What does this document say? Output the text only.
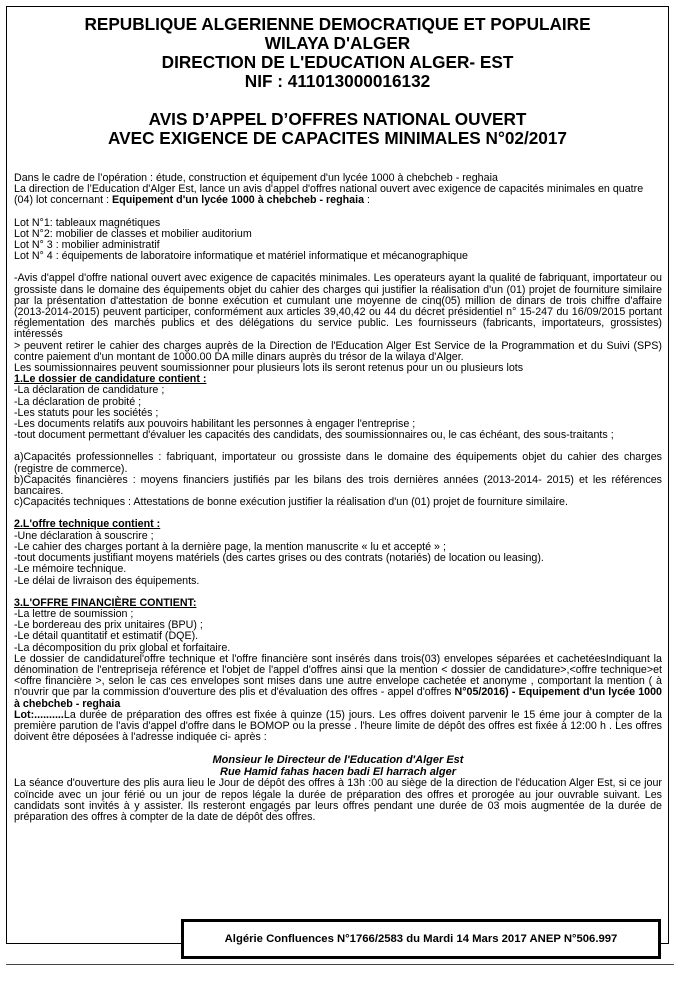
REPUBLIQUE ALGERIENNE DEMOCRATIQUE ET POPULAIRE
WILAYA D'ALGER
DIRECTION DE L'EDUCATION ALGER- EST
NIF : 411013000016132
AVIS D’APPEL D’OFFRES NATIONAL OUVERT
AVEC EXIGENCE DE CAPACITES MINIMALES N°02/2017

Dans le cadre de l’opération : étude, construction et équipement d'un lycée 1000 à chebcheb - reghaia

La direction de l’Education d'Alger Est, lance un avis d'appel d'offres national ouvert avec exigence de capacités minimales en quatre (04) lot concernant : Equipement d'un lycée 1000 à chebcheb - reghaia :

Lot N°1: tableaux magnétiques

Lot N°2: mobilier de classes et mobilier auditorium

Lot N° 3 : mobilier administratif

Lot N° 4 : équipements de laboratoire informatique et matériel informatique et mécanographique

-Avis d'appel d'offre national ouvert avec exigence de capacités minimales. Les operateurs ayant la qualité de fabriquant, importateur ou grossiste dans le domaine des équipements objet du cahier des charges qui justifier la réalisation d'un (01) projet de fourniture similaire par la présentation d'attestation de bonne exécution et cumulant une moyenne de cinq(05) million de dinars de trois chiffre d'affaire (2013-2014-2015) peuvent participer, conformément aux articles 39,40,42 ou 44 du décret présidentiel n° 15-247 du 16/09/2015 portant réglementation des marchés publics et des délégations du service public. Les fournisseurs (fabricants, importateurs, grossistes) intéressés

> peuvent retirer le cahier des charges auprès de la Direction de l'Education Alger Est Service de la Programmation et du Suivi (SPS) contre paiement d'un montant de 1000.00 DA mille dinars auprès du trésor de la wilaya d'Alger.

Les soumissionnaires peuvent soumissionner pour plusieurs lots ils seront retenus pour un ou plusieurs lots

1.Le dossier de candidature contient :

-La déclaration de candidature ;

-La déclaration de probité ;

-Les statuts pour les sociétés ;

-Les documents relatifs aux pouvoirs habilitant les personnes à engager l'entreprise ;

-tout document permettant d'évaluer les capacités des candidats, des soumissionnaires ou, le cas échéant, des sous-traitants ;

a)Capacités professionnelles : fabriquant, importateur ou grossiste dans le domaine des équipements objet du cahier des charges (registre de commerce).

b)Capacités financières : moyens financiers justifiés par les bilans des trois dernières années (2013-2014- 2015) et les références bancaires.

c)Capacités techniques : Attestations de bonne exécution justifier la réalisation d'un (01) projet de fourniture similaire.

2.L'offre technique contient :

-Une déclaration à souscrire ;

-Le cahier des charges portant à la dernière page, la mention manuscrite « lu et accepté » ;

-tout documents justifiant moyens matériels (des cartes grises ou des contrats (notariés) de location ou leasing).

-Le mémoire technique.

-Le délai de livraison des équipements.

3.L'OFFRE FINANCIÈRE CONTIENT:

-La lettre de soumission ;

-Le bordereau des prix unitaires (BPU) ;

-Le détail quantitatif et estimatif (DQE).

-La décomposition du prix global et forfaitaire.

Le dossier de candidaturel'offre technique et l'offre financière sont insérés dans trois(03) envelopes séparées et cachetéesIndiquant la dénomination de l'entrepriseja référence et l'objet de l'appel d'offres ainsi que la mention < dossier de candidature>,<offre technique>et <offre financière >, selon le cas ces envelopes sont mises dans une autre envelope cachetée et anonyme , comportant la mention ( à n'ouvrir que par la commission d'ouverture des plis et d'évaluation des offres - appel d'offres N°05/2016) - Equipement d'un lycée 1000 à chebcheb - reghaia

Lot:..........La durée de préparation des offres est fixée à quinze (15) jours. Les offres doivent parvenir le 15 éme jour à compter de la première parution de l'avis d'appel d'offre dans le BOMOP ou la presse . l'heure limite de dépôt des offres est fixée à 12:00 h . Les offres doivent être déposées à l'adresse indiquée ci- après :

Monsieur le Directeur de l'Education d'Alger Est

Rue Hamid fahas hacen badi El harrach alger

La séance d'ouverture des plis aura lieu le Jour de dépôt des offres à 13h :00 au siège de la direction de l'éducation Alger Est, si ce jour coïncide avec un jour férié ou un jour de repos légale la durée de préparation des offres et prorogée au jour ouvrable suivant. Les candidats sont invités à y assister. Ils resteront engagés par leurs offres pendant une durée de 03 mois augmentée de la durée de préparation des offres à compter de la date de dépôt des offres.

Algérie Confluences N°1766/2583 du Mardi 14 Mars 2017 ANEP N°506.997
